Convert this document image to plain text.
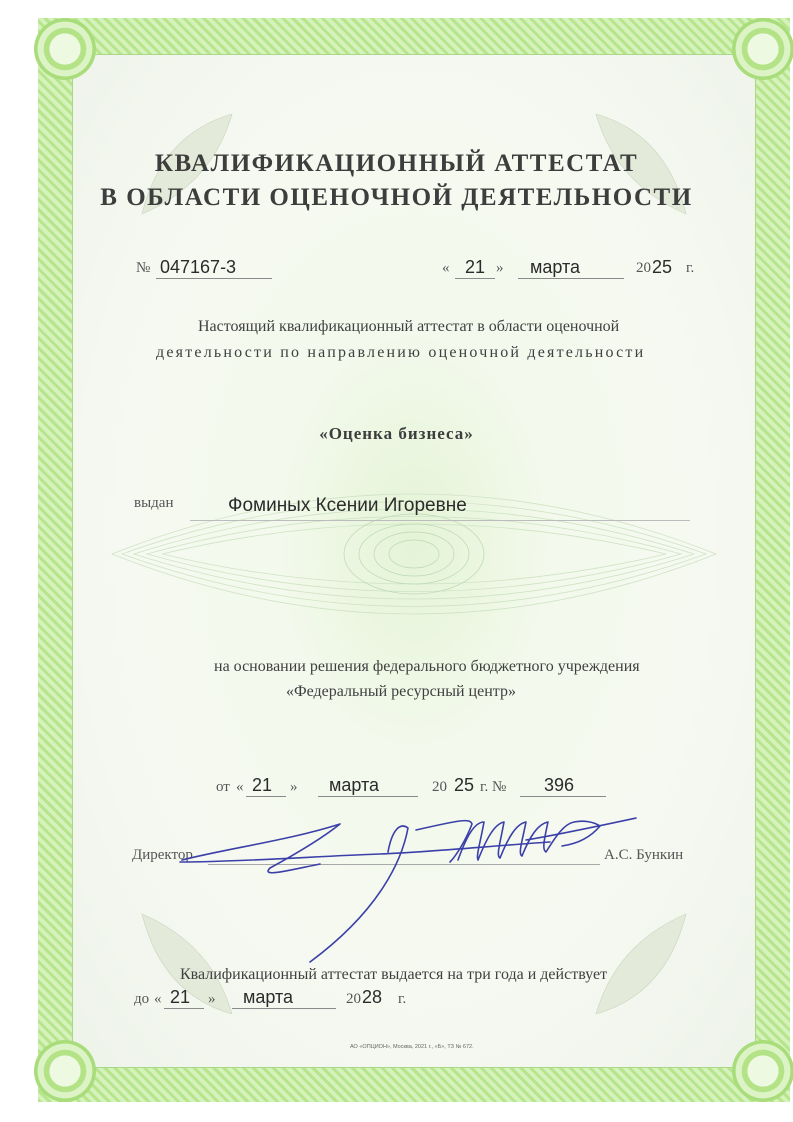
КВАЛИФИКАЦИОННЫЙ АТТЕСТАТ
В ОБЛАСТИ ОЦЕНОЧНОЙ ДЕЯТЕЛЬНОСТИ
№ 047167-3	« 21 » марта	20 25 г.
Настоящий квалификационный аттестат в области оценочной
деятельности по направлению оценочной деятельности
«Оценка бизнеса»
выдан	Фоминых Ксении Игоревне
на основании решения федерального бюджетного учреждения
«Федеральный ресурсный центр»
от « 21 » марта	20 25 г. № 396
Директор	А.С. Бункин
Квалификационный аттестат выдается на три года и действует
до « 21 » марта	20 28 г.
АО «ОПЦИОН», Москва, 2021 г., «Б», ТЗ № 672.
